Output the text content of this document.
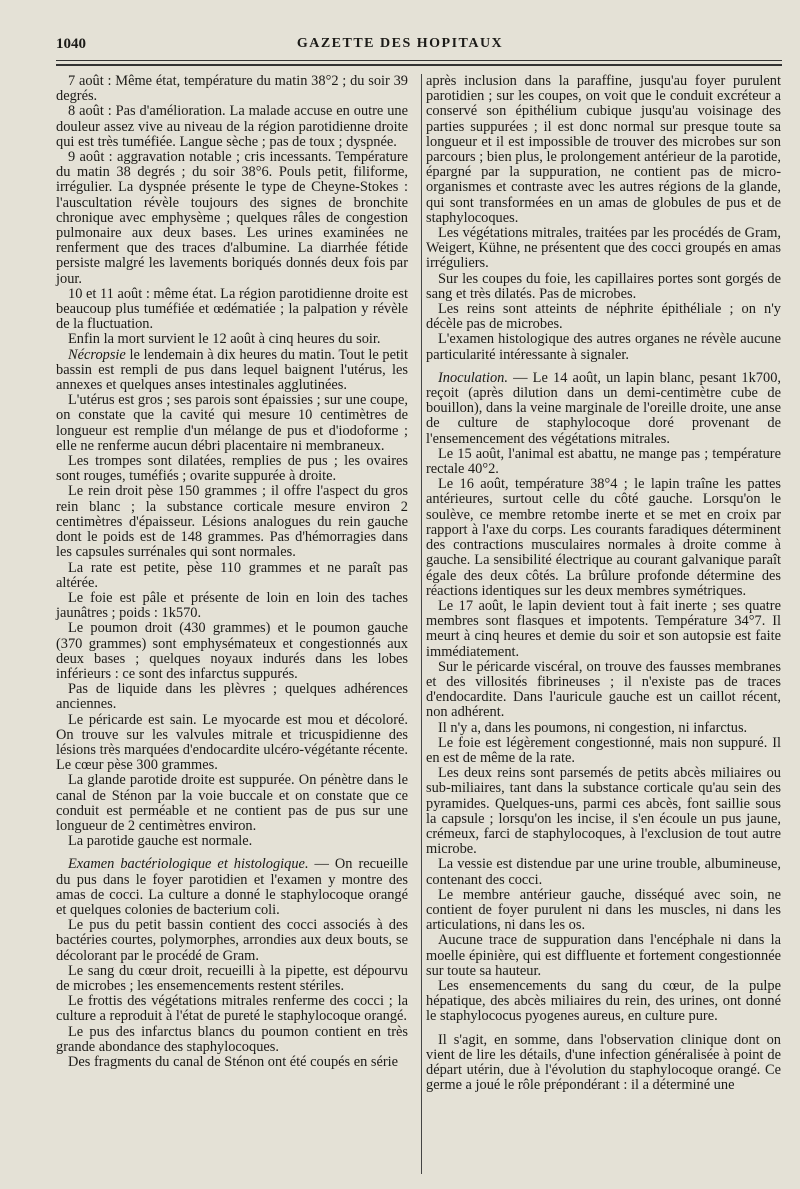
1040	GAZETTE DES HOPITAUX

7 août : Même état, température du matin 38°2 ; du soir 39 degrés.

8 août : Pas d'amélioration. La malade accuse en outre une douleur assez vive au niveau de la région parotidienne droite qui est très tuméfiée. Langue sèche ; pas de toux ; dyspnée.

9 août : aggravation notable ; cris incessants. Température du matin 38 degrés ; du soir 38°6. Pouls petit, filiforme, irrégulier. La dyspnée présente le type de Cheyne-Stokes : l'auscultation révèle toujours des signes de bronchite chronique avec emphysème ; quelques râles de congestion pulmonaire aux deux bases. Les urines examinées ne renferment que des traces d'albumine. La diarrhée fétide persiste malgré les lavements boriqués donnés deux fois par jour.

10 et 11 août : même état. La région parotidienne droite est beaucoup plus tuméfiée et œdématiée ; la palpation y révèle de la fluctuation.

Enfin la mort survient le 12 août à cinq heures du soir.

Nécropsie le lendemain à dix heures du matin. Tout le petit bassin est rempli de pus dans lequel baignent l'utérus, les annexes et quelques anses intestinales agglutinées.

L'utérus est gros ; ses parois sont épaissies ; sur une coupe, on constate que la cavité qui mesure 10 centimètres de longueur est remplie d'un mélange de pus et d'iodoforme ; elle ne renferme aucun débri placentaire ni membraneux.

Les trompes sont dilatées, remplies de pus ; les ovaires sont rouges, tuméfiés ; ovarite suppurée à droite.

Le rein droit pèse 150 grammes ; il offre l'aspect du gros rein blanc ; la substance corticale mesure environ 2 centimètres d'épaisseur. Lésions analogues du rein gauche dont le poids est de 148 grammes. Pas d'hémorragies dans les capsules surrénales qui sont normales.

La rate est petite, pèse 110 grammes et ne paraît pas altérée.

Le foie est pâle et présente de loin en loin des taches jaunâtres ; poids : 1k570.

Le poumon droit (430 grammes) et le poumon gauche (370 grammes) sont emphysémateux et congestionnés aux deux bases ; quelques noyaux indurés dans les lobes inférieurs : ce sont des infarctus suppurés.

Pas de liquide dans les plèvres ; quelques adhérences anciennes.

Le péricarde est sain. Le myocarde est mou et décoloré. On trouve sur les valvules mitrale et tricuspidienne des lésions très marquées d'endocardite ulcéro-végétante récente. Le cœur pèse 300 grammes.

La glande parotide droite est suppurée. On pénètre dans le canal de Sténon par la voie buccale et on constate que ce conduit est perméable et ne contient pas de pus sur une longueur de 2 centimètres environ.

La parotide gauche est normale.

Examen bactériologique et histologique. — On recueille du pus dans le foyer parotidien et l'examen y montre des amas de cocci. La culture a donné le staphylocoque orangé et quelques colonies de bacterium coli.

Le pus du petit bassin contient des cocci associés à des bactéries courtes, polymorphes, arrondies aux deux bouts, se décolorant par le procédé de Gram.

Le sang du cœur droit, recueilli à la pipette, est dépourvu de microbes ; les ensemencements restent stériles.

Le frottis des végétations mitrales renferme des cocci ; la culture a reproduit à l'état de pureté le staphylocoque orangé.

Le pus des infarctus blancs du poumon contient en très grande abondance des staphylocoques.

Des fragments du canal de Sténon ont été coupés en série

après inclusion dans la paraffine, jusqu'au foyer purulent parotidien ; sur les coupes, on voit que le conduit excréteur a conservé son épithélium cubique jusqu'au voisinage des parties suppurées ; il est donc normal sur presque toute sa longueur et il est impossible de trouver des microbes sur son parcours ; bien plus, le prolongement antérieur de la parotide, épargné par la suppuration, ne contient pas de micro-organismes et contraste avec les autres régions de la glande, qui sont transformées en un amas de globules de pus et de staphylocoques.

Les végétations mitrales, traitées par les procédés de Gram, Weigert, Kühne, ne présentent que des cocci groupés en amas irréguliers.

Sur les coupes du foie, les capillaires portes sont gorgés de sang et très dilatés. Pas de microbes.

Les reins sont atteints de néphrite épithéliale ; on n'y décèle pas de microbes.

L'examen histologique des autres organes ne révèle aucune particularité intéressante à signaler.

Inoculation. — Le 14 août, un lapin blanc, pesant 1k700, reçoit (après dilution dans un demi-centimètre cube de bouillon), dans la veine marginale de l'oreille droite, une anse de culture de staphylocoque doré provenant de l'ensemencement des végétations mitrales.

Le 15 août, l'animal est abattu, ne mange pas ; température rectale 40°2.

Le 16 août, température 38°4 ; le lapin traîne les pattes antérieures, surtout celle du côté gauche. Lorsqu'on le soulève, ce membre retombe inerte et se met en croix par rapport à l'axe du corps. Les courants faradiques déterminent des contractions musculaires normales à droite comme à gauche. La sensibilité électrique au courant galvanique paraît égale des deux côtés. La brûlure profonde détermine des réactions identiques sur les deux membres symétriques.

Le 17 août, le lapin devient tout à fait inerte ; ses quatre membres sont flasques et impotents. Température 34°7. Il meurt à cinq heures et demie du soir et son autopsie est faite immédiatement.

Sur le péricarde viscéral, on trouve des fausses membranes et des villosités fibrineuses ; il n'existe pas de traces d'endocardite. Dans l'auricule gauche est un caillot récent, non adhérent.

Il n'y a, dans les poumons, ni congestion, ni infarctus.

Le foie est légèrement congestionné, mais non suppuré. Il en est de même de la rate.

Les deux reins sont parsemés de petits abcès miliaires ou sub-miliaires, tant dans la substance corticale qu'au sein des pyramides. Quelques-uns, parmi ces abcès, font saillie sous la capsule ; lorsqu'on les incise, il s'en écoule un pus jaune, crémeux, farci de staphylocoques, à l'exclusion de tout autre microbe.

La vessie est distendue par une urine trouble, albumineuse, contenant des cocci.

Le membre antérieur gauche, disséqué avec soin, ne contient de foyer purulent ni dans les muscles, ni dans les articulations, ni dans les os.

Aucune trace de suppuration dans l'encéphale ni dans la moelle épinière, qui est diffluente et fortement congestionnée sur toute sa hauteur.

Les ensemencements du sang du cœur, de la pulpe hépatique, des abcès miliaires du rein, des urines, ont donné le staphylococus pyogenes aureus, en culture pure.

Il s'agit, en somme, dans l'observation clinique dont on vient de lire les détails, d'une infection généralisée à point de départ utérin, due à l'évolution du staphylocoque orangé. Ce germe a joué le rôle prépondérant : il a déterminé une
